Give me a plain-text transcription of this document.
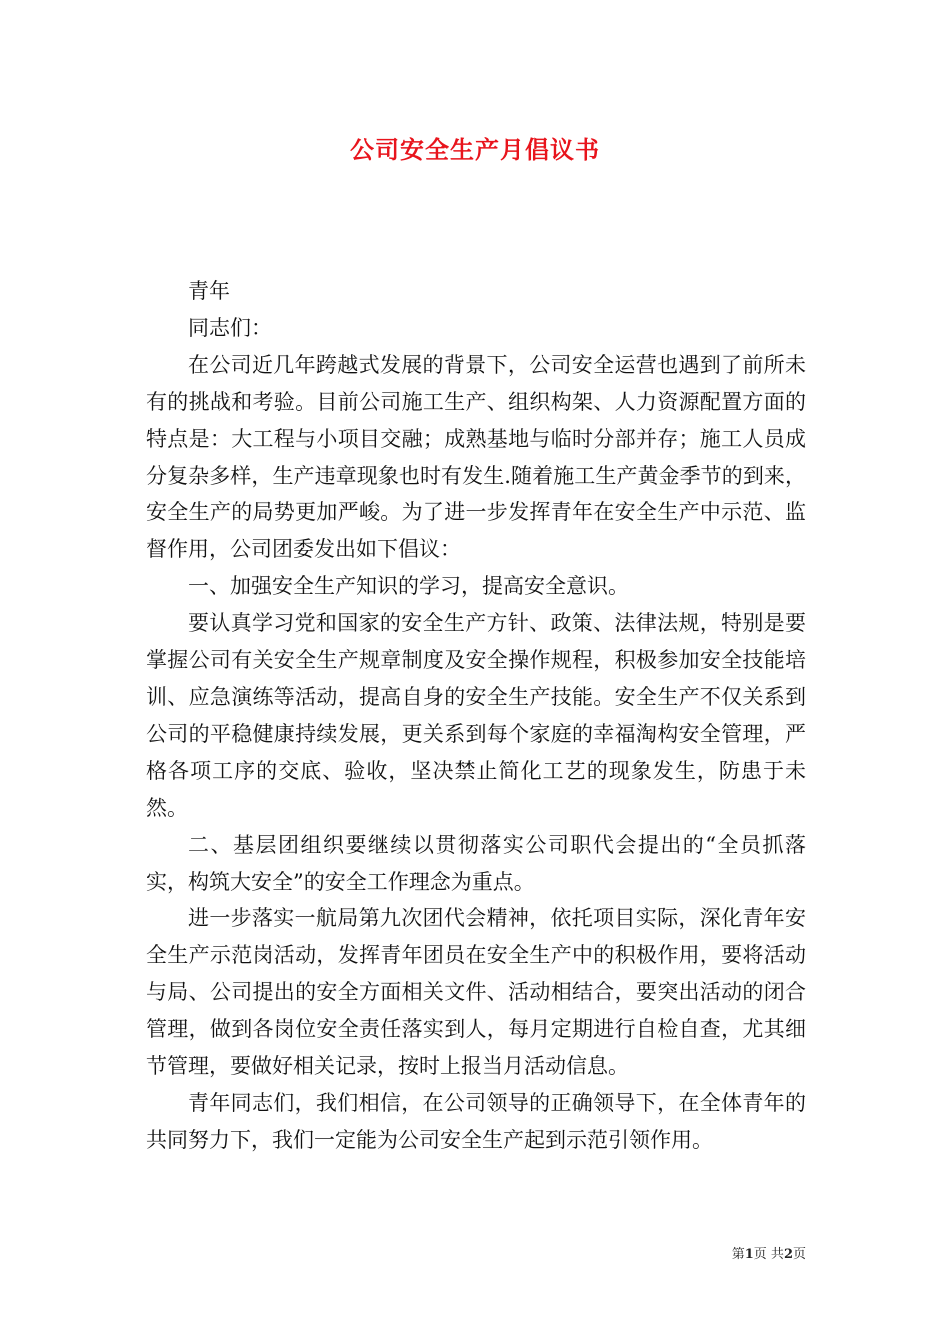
公司安全生产月倡议书

青年

同志们：

在公司近几年跨越式发展的背景下，公司安全运营也遇到了前所未有的挑战和考验。目前公司施工生产、组织构架、人力资源配置方面的特点是：大工程与小项目交融；成熟基地与临时分部并存；施工人员成分复杂多样，生产违章现象也时有发生.随着施工生产黄金季节的到来，安全生产的局势更加严峻。为了进一步发挥青年在安全生产中示范、监督作用，公司团委发出如下倡议：

一、加强安全生产知识的学习，提高安全意识。

要认真学习党和国家的安全生产方针、政策、法律法规，特别是要掌握公司有关安全生产规章制度及安全操作规程，积极参加安全技能培训、应急演练等活动，提高自身的安全生产技能。安全生产不仅关系到公司的平稳健康持续发展，更关系到每个家庭的幸福淘构安全管理，严格各项工序的交底、验收，坚决禁止简化工艺的现象发生，防患于未然。

二、基层团组织要继续以贯彻落实公司职代会提出的“全员抓落实，构筑大安全”的安全工作理念为重点。

进一步落实一航局第九次团代会精神，依托项目实际，深化青年安全生产示范岗活动，发挥青年团员在安全生产中的积极作用，要将活动与局、公司提出的安全方面相关文件、活动相结合，要突出活动的闭合管理，做到各岗位安全责任落实到人，每月定期进行自检自查，尤其细节管理，要做好相关记录，按时上报当月活动信息。

青年同志们，我们相信，在公司领导的正确领导下，在全体青年的共同努力下，我们一定能为公司安全生产起到示范引领作用。

第1页 共2页
